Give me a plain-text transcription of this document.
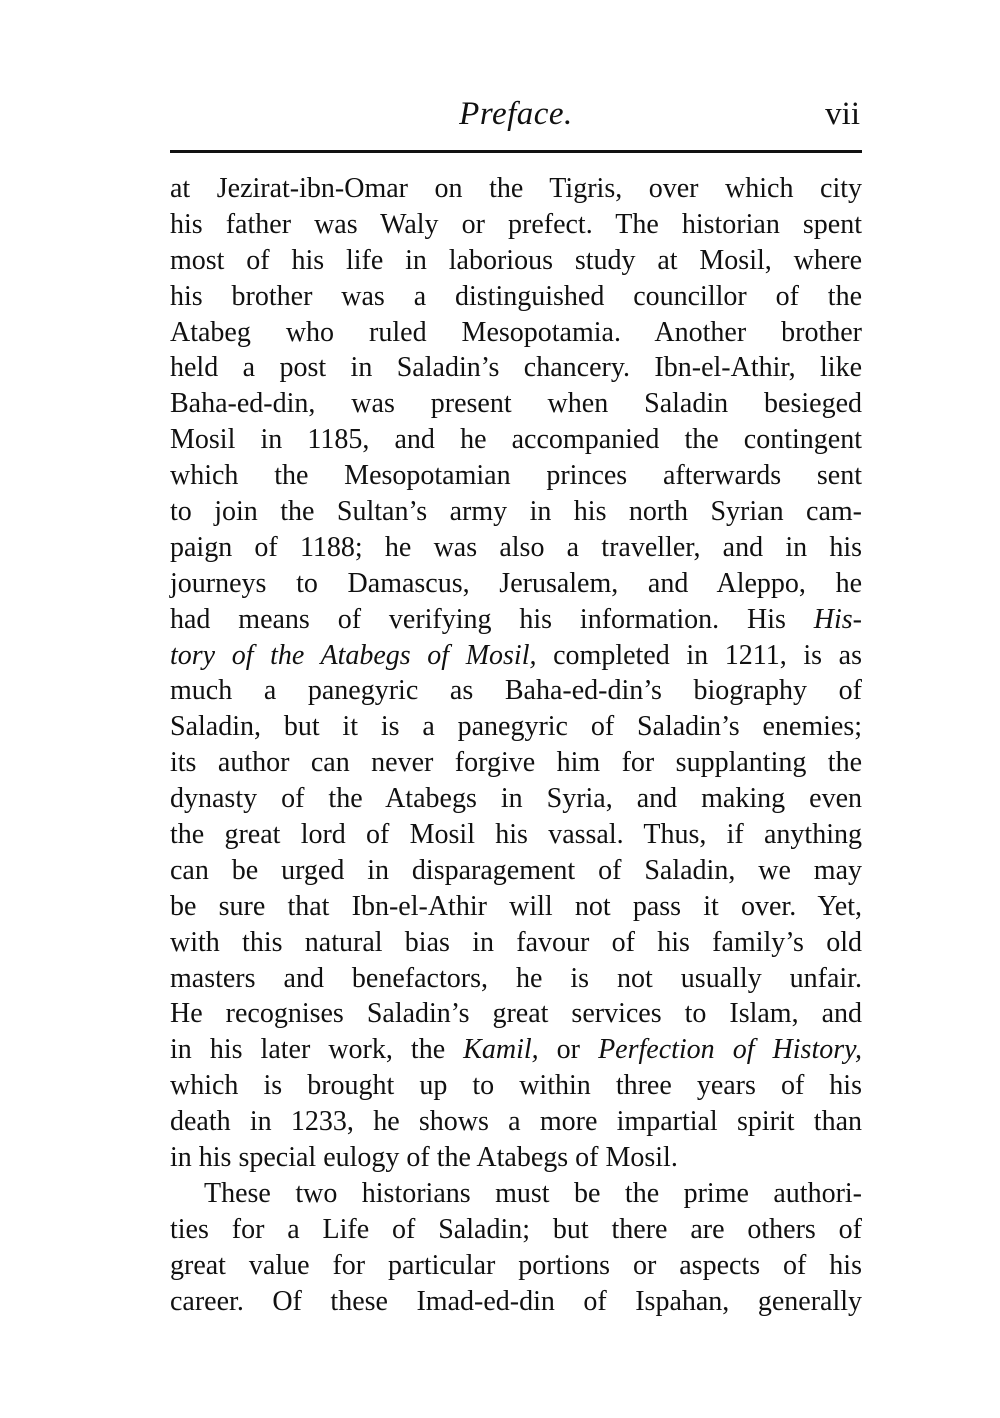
Preface.	vii
at Jezirat-ibn-Omar on the Tigris, over which city
his father was Waly or prefect. The historian spent
most of his life in laborious study at Mosil, where
his brother was a distinguished councillor of the
Atabeg who ruled Mesopotamia. Another brother
held a post in Saladin’s chancery. Ibn-el-Athir, like
Baha-ed-din, was present when Saladin besieged
Mosil in 1185, and he accompanied the contingent
which the Mesopotamian princes afterwards sent
to join the Sultan’s army in his north Syrian cam-
paign of 1188; he was also a traveller, and in his
journeys to Damascus, Jerusalem, and Aleppo, he
had means of verifying his information. His His-
tory of the Atabegs of Mosil, completed in 1211, is as
much a panegyric as Baha-ed-din’s biography of
Saladin, but it is a panegyric of Saladin’s enemies;
its author can never forgive him for supplanting the
dynasty of the Atabegs in Syria, and making even
the great lord of Mosil his vassal. Thus, if anything
can be urged in disparagement of Saladin, we may
be sure that Ibn-el-Athir will not pass it over. Yet,
with this natural bias in favour of his family’s old
masters and benefactors, he is not usually unfair.
He recognises Saladin’s great services to Islam, and
in his later work, the Kamil, or Perfection of History,
which is brought up to within three years of his
death in 1233, he shows a more impartial spirit than
in his special eulogy of the Atabegs of Mosil.
These two historians must be the prime authori-
ties for a Life of Saladin; but there are others of
great value for particular portions or aspects of his
career. Of these Imad-ed-din of Ispahan, generally
